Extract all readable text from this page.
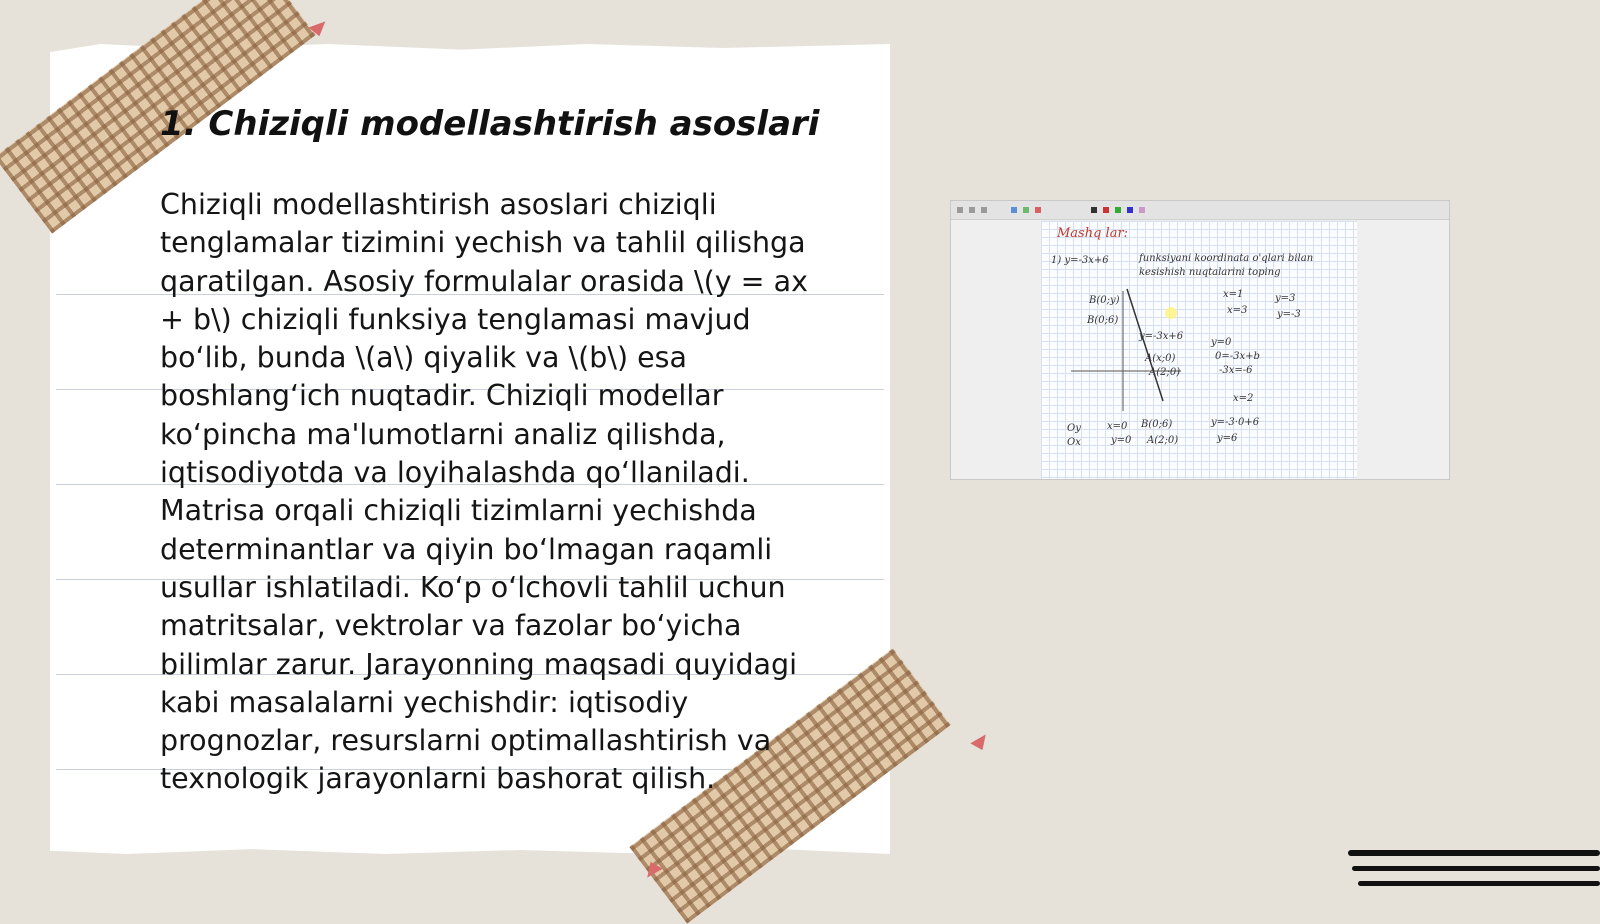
1. Chiziqli modellashtirish asoslari

Chiziqli modellashtirish asoslari chiziqli tenglamalar tizimini yechish va tahlil qilishga qaratilgan. Asosiy formulalar orasida \(y = ax + b\) chiziqli funksiya tenglamasi mavjud bo‘lib, bunda \(a\) qiyalik va \(b\) esa boshlang‘ich nuqtadir. Chiziqli modellar ko‘pincha ma'lumotlarni analiz qilishda, iqtisodiyotda va loyihalashda qo‘llaniladi. Matrisa orqali chiziqli tizimlarni yechishda determinantlar va qiyin bo‘lmagan raqamli usullar ishlatiladi. Ko‘p o‘lchovli tahlil uchun matritsalar, vektrolar va fazolar bo‘yicha bilimlar zarur. Jarayonning maqsadi quyidagi kabi masalalarni yechishdir: iqtisodiy prognozlar, resurslarni optimallashtirish va texnologik jarayonlarni bashorat qilish.

Mashq lar:
1) y=-3x+6	funksiyani koordinata o'qlari bilan
kesishish nuqtalarini toping
B(0;y)
B(0;6)
y=-3x+6
A(x;0)
A(2;0)
x=1	y=3
x=3	y=-3
y=0
0=-3x+b
-3x=-6
x=2
Oy	x=0 B(0;6)
Ox	y=0 A(2;0)
y=-3·0+6
y=6
